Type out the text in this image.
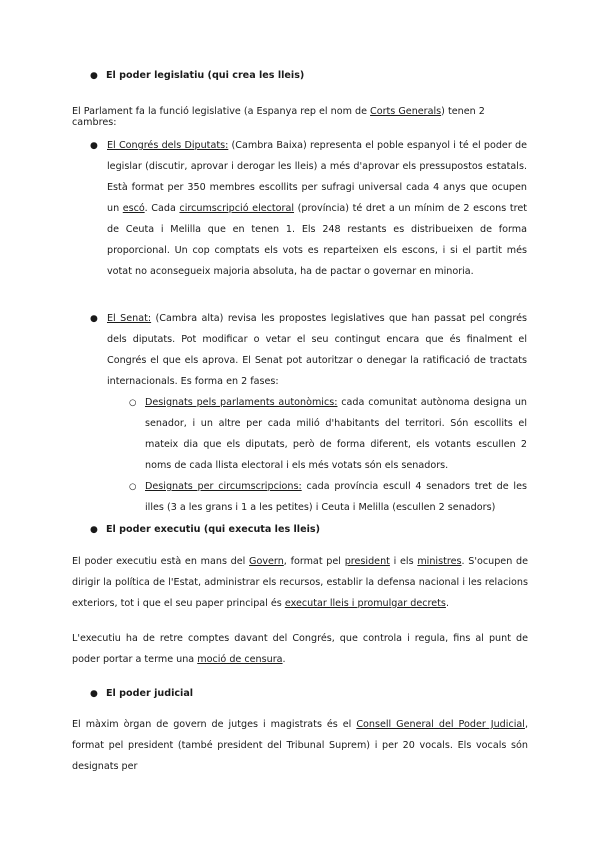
● El poder legislatiu (qui crea les lleis)

El Parlament fa la funció legislative (a Espanya rep el nom de Corts Generals) tenen 2 cambres:

● El Congrés dels Diputats: (Cambra Baixa) representa el poble espanyol i té el poder de legislar (discutir, aprovar i derogar les lleis) a més d'aprovar els pressupostos estatals. Està format per 350 membres escollits per sufragi universal cada 4 anys que ocupen un escó. Cada circumscripció electoral (província) té dret a un mínim de 2 escons tret de Ceuta i Melilla que en tenen 1. Els 248 restants es distribueixen de forma proporcional. Un cop comptats els vots es reparteixen els escons, i si el partit més votat no aconsegueix majoria absoluta, ha de pactar o governar en minoria.

● El Senat: (Cambra alta) revisa les propostes legislatives que han passat pel congrés dels diputats. Pot modificar o vetar el seu contingut encara que és finalment el Congrés el que els aprova. El Senat pot autoritzar o denegar la ratificació de tractats internacionals. Es forma en 2 fases:

○ Designats pels parlaments autonòmics: cada comunitat autònoma designa un senador, i un altre per cada milió d'habitants del territori. Són escollits el mateix dia que els diputats, però de forma diferent, els votants escullen 2 noms de cada llista electoral i els més votats són els senadors.

○ Designats per circumscripcions: cada província escull 4 senadors tret de les illes (3 a les grans i 1 a les petites) i Ceuta i Melilla (escullen 2 senadors)

● El poder executiu (qui executa les lleis)

El poder executiu està en mans del Govern, format pel president i els ministres. S'ocupen de dirigir la política de l'Estat, administrar els recursos, establir la defensa nacional i les relacions exteriors, tot i que el seu paper principal és executar lleis i promulgar decrets.

L'executiu ha de retre comptes davant del Congrés, que controla i regula, fins al punt de poder portar a terme una moció de censura.

● El poder judicial

El màxim òrgan de govern de jutges i magistrats és el Consell General del Poder Judicial, format pel president (també president del Tribunal Suprem) i per 20 vocals. Els vocals són designats per
